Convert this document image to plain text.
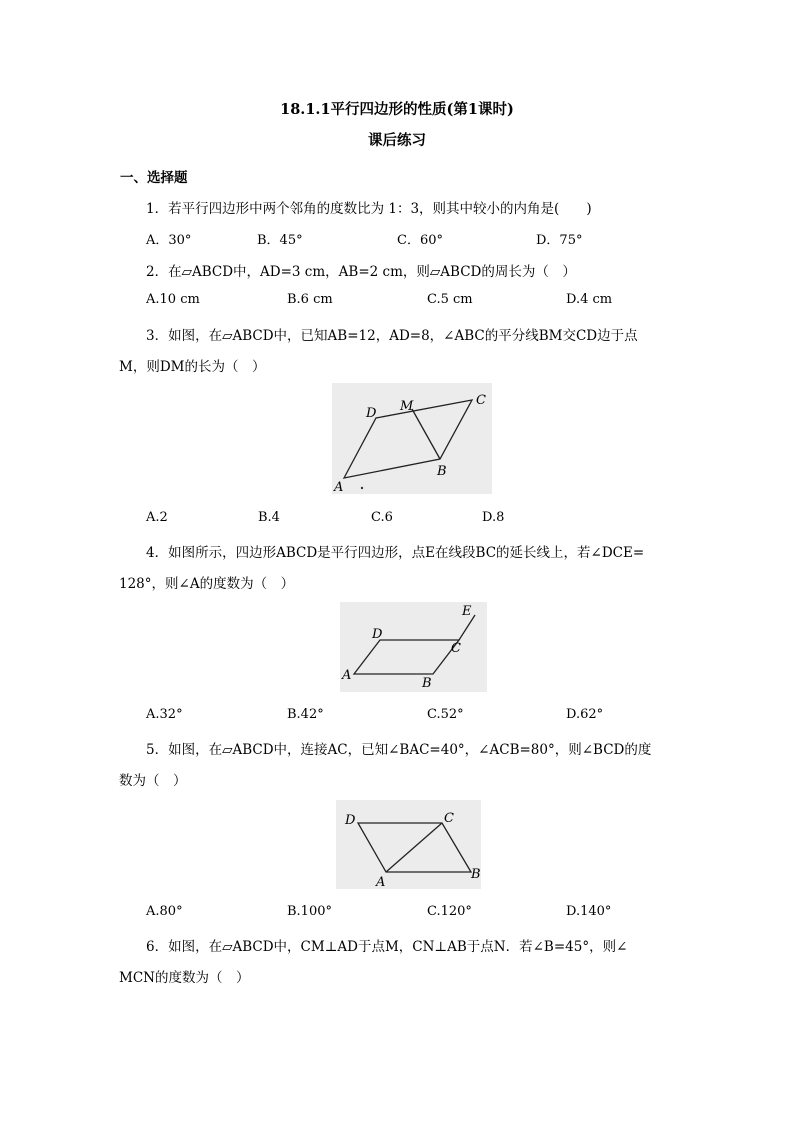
18.1.1平行四边形的性质(第1课时)
课后练习
一、选择题
1．若平行四边形中两个邻角的度数比为 1：3，则其中较小的内角是(　　)
A．30°	B．45°	C．60°	D．75°
2．在▱ABCD中，AD=3 cm，AB=2 cm，则▱ABCD的周长为（　）
A.10 cm	B.6 cm	C.5 cm	D.4 cm
3．如图，在▱ABCD中，已知AB=12，AD=8，∠ABC的平分线BM交CD边于点
M，则DM的长为（　）
A
B
C
D M
A.2	B.4	C.6	D.8
4．如图所示，四边形ABCD是平行四边形，点E在线段BC的延长线上，若∠DCE=
128°，则∠A的度数为（　）
A
B
C
D
E
A.32°	B.42°	C.52°	D.62°
5．如图，在▱ABCD中，连接AC，已知∠BAC=40°，∠ACB=80°，则∠BCD的度
数为（　）
A
B
C
D
A.80°	B.100°	C.120°	D.140°
6．如图，在▱ABCD中，CM⊥AD于点M，CN⊥AB于点N．若∠B=45°，则∠
MCN的度数为（　）
